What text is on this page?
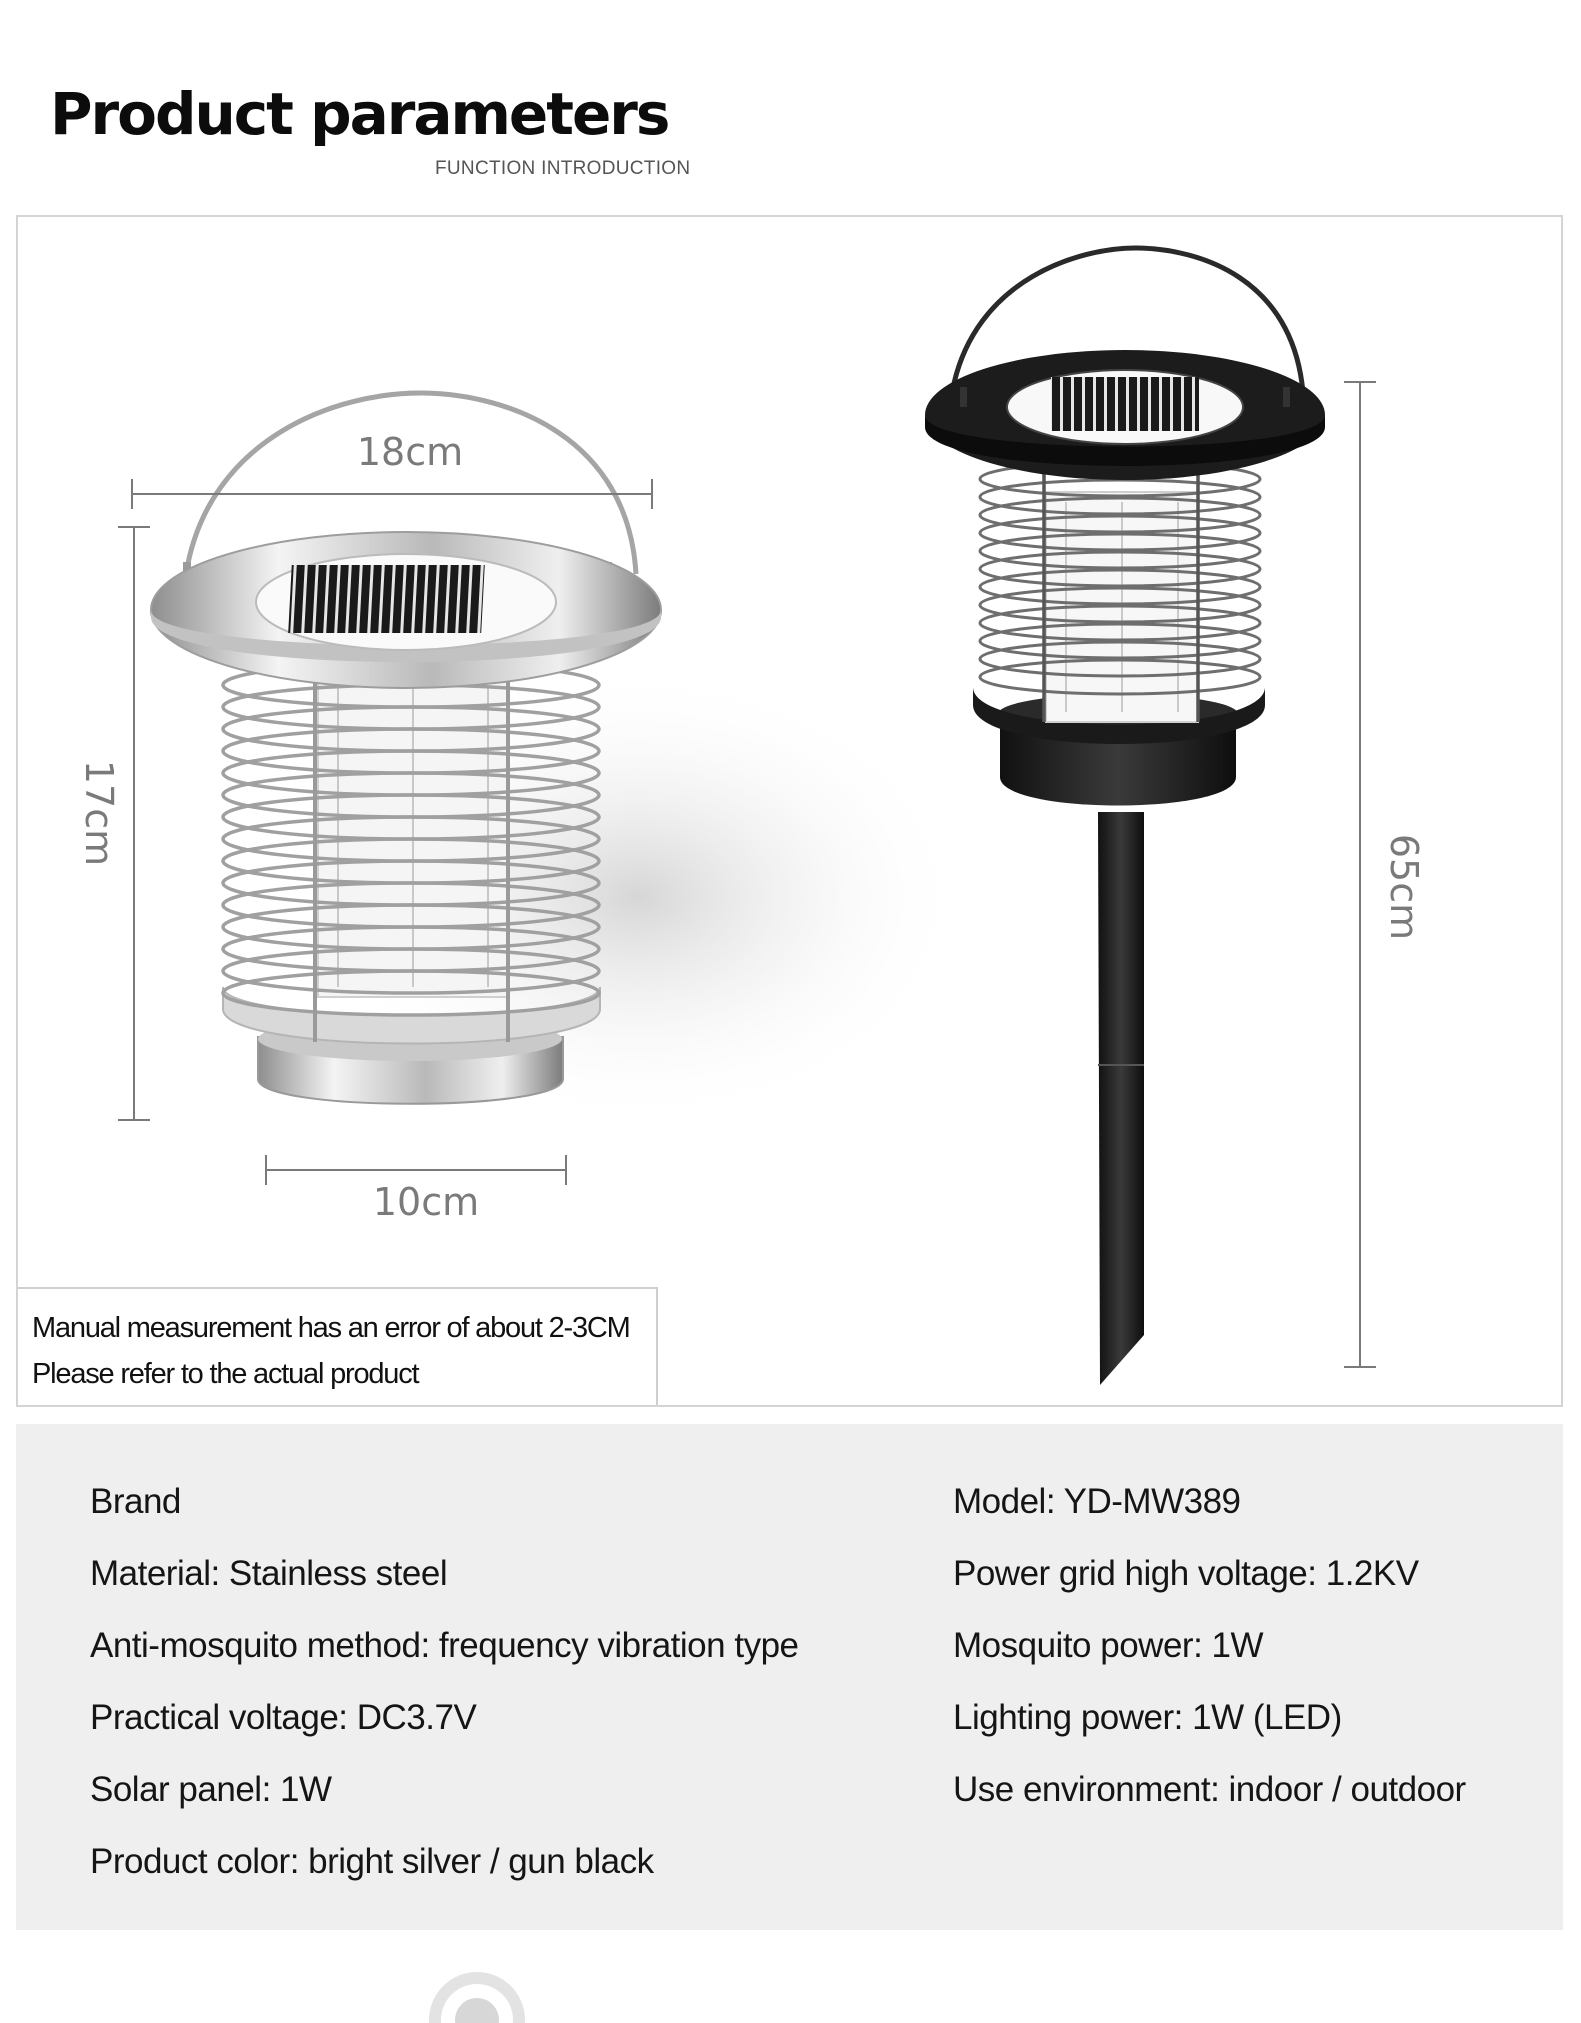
Product parameters
FUNCTION INTRODUCTION
18cm
17cm
10cm
65cm
Manual measurement has an error of about 2-3CM
Please refer to the actual product
Brand
Material: Stainless steel
Anti-mosquito method: frequency vibration type
Practical voltage: DC3.7V
Solar panel: 1W
Product color: bright silver / gun black
Model: YD-MW389
Power grid high voltage: 1.2KV
Mosquito power: 1W
Lighting power: 1W (LED)
Use environment: indoor / outdoor
